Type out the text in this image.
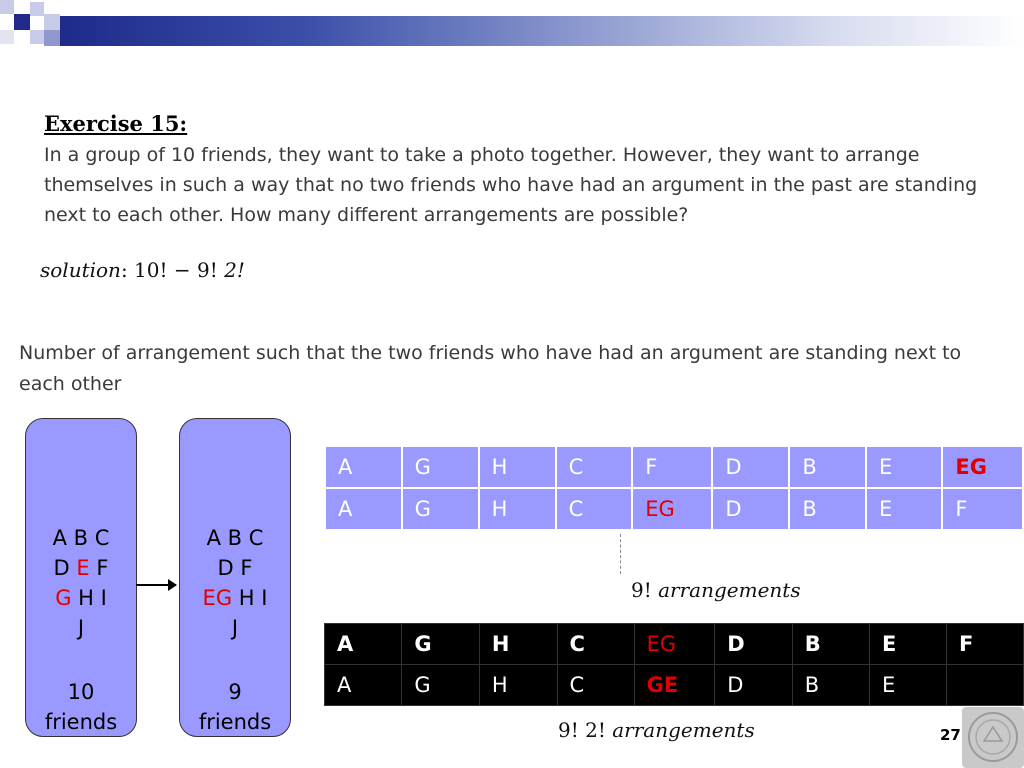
Exercise 15:
In a group of 10 friends, they want to take a photo together. However, they want to arrange themselves in such a way that no two friends who have had an argument in the past are standing next to each other. How many different arrangements are possible?
solution: 10! − 9! 2!
Number of arrangement such that the two friends who have had an argument are standing next to each other
A B C
D E F
G H I
J
10
friends
A B C
D F
EG H I
J
9
friends
A	G	H	C	F	D	B	E	EG
A	G	H	C	EG	D	B	E	F
9! arrangements
A	G	H	C	EG	D	B	E	F
A	G	H	C	GE	D	B	E	
9! 2! arrangements	27
